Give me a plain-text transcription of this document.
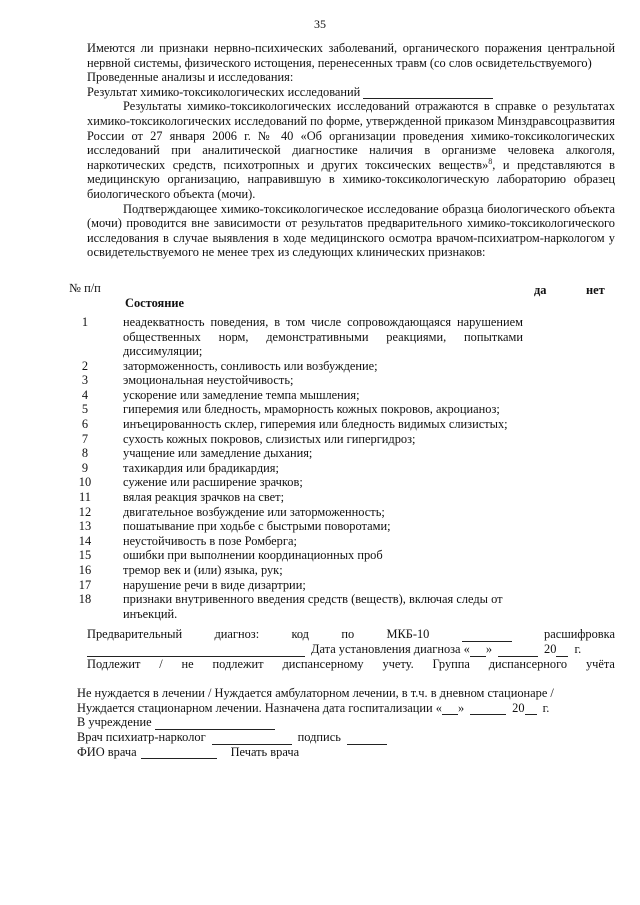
35

Имеются ли признаки нервно-психических заболеваний, органического поражения центральной нервной системы, физического истощения, перенесенных травм (со слов освидетельствуемого)

Проведенные анализы и исследования:

Результат химико-токсикологических исследований

Результаты химико-токсикологических исследований отражаются в справке о результатах химико-токсикологических исследований по форме, утвержденной приказом Минздравсоцразвития России от 27 января 2006 г. № 40 «Об организации проведения химико-токсикологических исследований при аналитической диагностике наличия в организме человека алкоголя, наркотических средств, психотропных и других токсических веществ»$^8$, и представляются в медицинскую организацию, направившую в химико-токсикологическую лабораторию образец биологического объекта (мочи).

Подтверждающее химико-токсикологическое исследование образца биологического объекта (мочи) проводится вне зависимости от результатов предварительного химико-токсикологического исследования в случае выявления в ходе медицинского осмотра врачом-психиатром-наркологом у освидетельствуемого не менее трех из следующих клинических признаков:

№ п/п
Состояние
да	нет
1	неадекватность поведения, в том числе сопровождающаяся нарушением общественных норм, демонстративными реакциями, попытками диссимуляции;
2	заторможенность, сонливость или возбуждение;
3	эмоциональная неустойчивость;
4	ускорение или замедление темпа мышления;
5	гиперемия или бледность, мраморность кожных покровов, акроцианоз;
6	инъецированность склер, гиперемия или бледность видимых слизистых;
7	сухость кожных покровов, слизистых или гипергидроз;
8	учащение или замедление дыхания;
9	тахикардия или брадикардия;
10	сужение или расширение зрачков;
11	вялая реакция зрачков на свет;
12	двигательное возбуждение или заторможенность;
13	пошатывание при ходьбе с быстрыми поворотами;
14	неустойчивость в позе Ромберга;
15	ошибки при выполнении координационных проб
16	тремор век и (или) языка, рук;
17	нарушение речи в виде дизартрии;
18	признаки внутривенного введения средств (веществ), включая следы от инъекций.
Предварительный	диагноз:	код	по	МКБ-10	расшифровка
Дата установления диагноза « »	20 г.
Подлежит / не подлежит диспансерному учету. Группа диспансерного учёта

Не нуждается в лечении / Нуждается амбулаторном лечении, в т.ч. в дневном стационаре /

Нуждается стационарном лечении. Назначена дата госпитализации « »	20 г.
В учреждение
Врач психиатр-нарколог	подпись
ФИО врача	Печать врача
